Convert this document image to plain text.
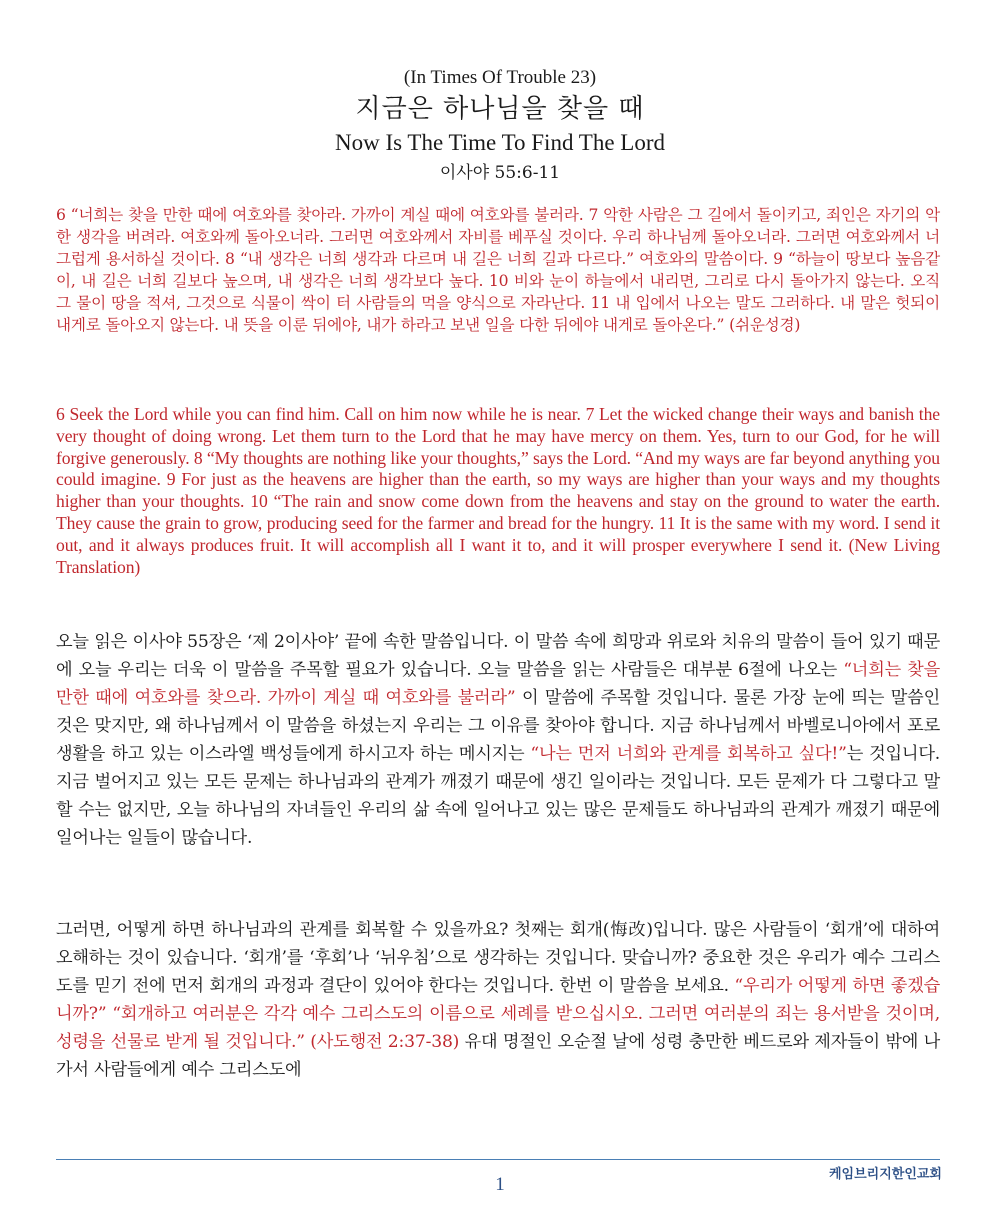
(In Times Of Trouble 23)
지금은 하나님을 찾을 때
Now Is The Time To Find The Lord
이사야 55:6-11

6 “너희는 찾을 만한 때에 여호와를 찾아라. 가까이 계실 때에 여호와를 불러라. 7 악한 사람은 그 길에서 돌이키고, 죄인은 자기의 악한 생각을 버려라. 여호와께 돌아오너라. 그러면 여호와께서 자비를 베푸실 것이다. 우리 하나님께 돌아오너라. 그러면 여호와께서 너그럽게 용서하실 것이다. 8 “내 생각은 너희 생각과 다르며 내 길은 너희 길과 다르다.” 여호와의 말씀이다. 9 “하늘이 땅보다 높음같이, 내 길은 너희 길보다 높으며, 내 생각은 너희 생각보다 높다. 10 비와 눈이 하늘에서 내리면, 그리로 다시 돌아가지 않는다. 오직 그 물이 땅을 적셔, 그것으로 식물이 싹이 터 사람들의 먹을 양식으로 자라난다. 11 내 입에서 나오는 말도 그러하다. 내 말은 헛되이 내게로 돌아오지 않는다. 내 뜻을 이룬 뒤에야, 내가 하라고 보낸 일을 다한 뒤에야 내게로 돌아온다.” (쉬운성경)

6 Seek the Lord while you can find him. Call on him now while he is near. 7 Let the wicked change their ways and banish the very thought of doing wrong. Let them turn to the Lord that he may have mercy on them. Yes, turn to our God, for he will forgive generously. 8 “My thoughts are nothing like your thoughts,” says the Lord. “And my ways are far beyond anything you could imagine. 9 For just as the heavens are higher than the earth, so my ways are higher than your ways and my thoughts higher than your thoughts. 10 “The rain and snow come down from the heavens and stay on the ground to water the earth. They cause the grain to grow, producing seed for the farmer and bread for the hungry. 11 It is the same with my word. I send it out, and it always produces fruit. It will accomplish all I want it to, and it will prosper everywhere I send it. (New Living Translation)

오늘 읽은 이사야 55장은 ‘제 2이사야’ 끝에 속한 말씀입니다. 이 말씀 속에 희망과 위로와 치유의 말씀이 들어 있기 때문에 오늘 우리는 더욱 이 말씀을 주목할 필요가 있습니다. 오늘 말씀을 읽는 사람들은 대부분 6절에 나오는 “너희는 찾을만한 때에 여호와를 찾으라. 가까이 계실 때 여호와를 불러라” 이 말씀에 주목할 것입니다. 물론 가장 눈에 띄는 말씀인 것은 맞지만, 왜 하나님께서 이 말씀을 하셨는지 우리는 그 이유를 찾아야 합니다. 지금 하나님께서 바벨로니아에서 포로생활을 하고 있는 이스라엘 백성들에게 하시고자 하는 메시지는 “나는 먼저 너희와 관계를 회복하고 싶다!”는 것입니다. 지금 벌어지고 있는 모든 문제는 하나님과의 관계가 깨졌기 때문에 생긴 일이라는 것입니다. 모든 문제가 다 그렇다고 말할 수는 없지만, 오늘 하나님의 자녀들인 우리의 삶 속에 일어나고 있는 많은 문제들도 하나님과의 관계가 깨졌기 때문에 일어나는 일들이 많습니다.

그러면, 어떻게 하면 하나님과의 관계를 회복할 수 있을까요? 첫째는 회개(悔改)입니다. 많은 사람들이 ‘회개’에 대하여 오해하는 것이 있습니다. ‘회개’를 ‘후회’나 ‘뉘우침’으로 생각하는 것입니다. 맞습니까? 중요한 것은 우리가 예수 그리스도를 믿기 전에 먼저 회개의 과정과 결단이 있어야 한다는 것입니다. 한번 이 말씀을 보세요. “우리가 어떻게 하면 좋겠습니까?” “회개하고 여러분은 각각 예수 그리스도의 이름으로 세례를 받으십시오. 그러면 여러분의 죄는 용서받을 것이며, 성령을 선물로 받게 될 것입니다.” (사도행전 2:37-38) 유대 명절인 오순절 날에 성령 충만한 베드로와 제자들이 밖에 나가서 사람들에게 예수 그리스도에

케임브리지한인교회
1
